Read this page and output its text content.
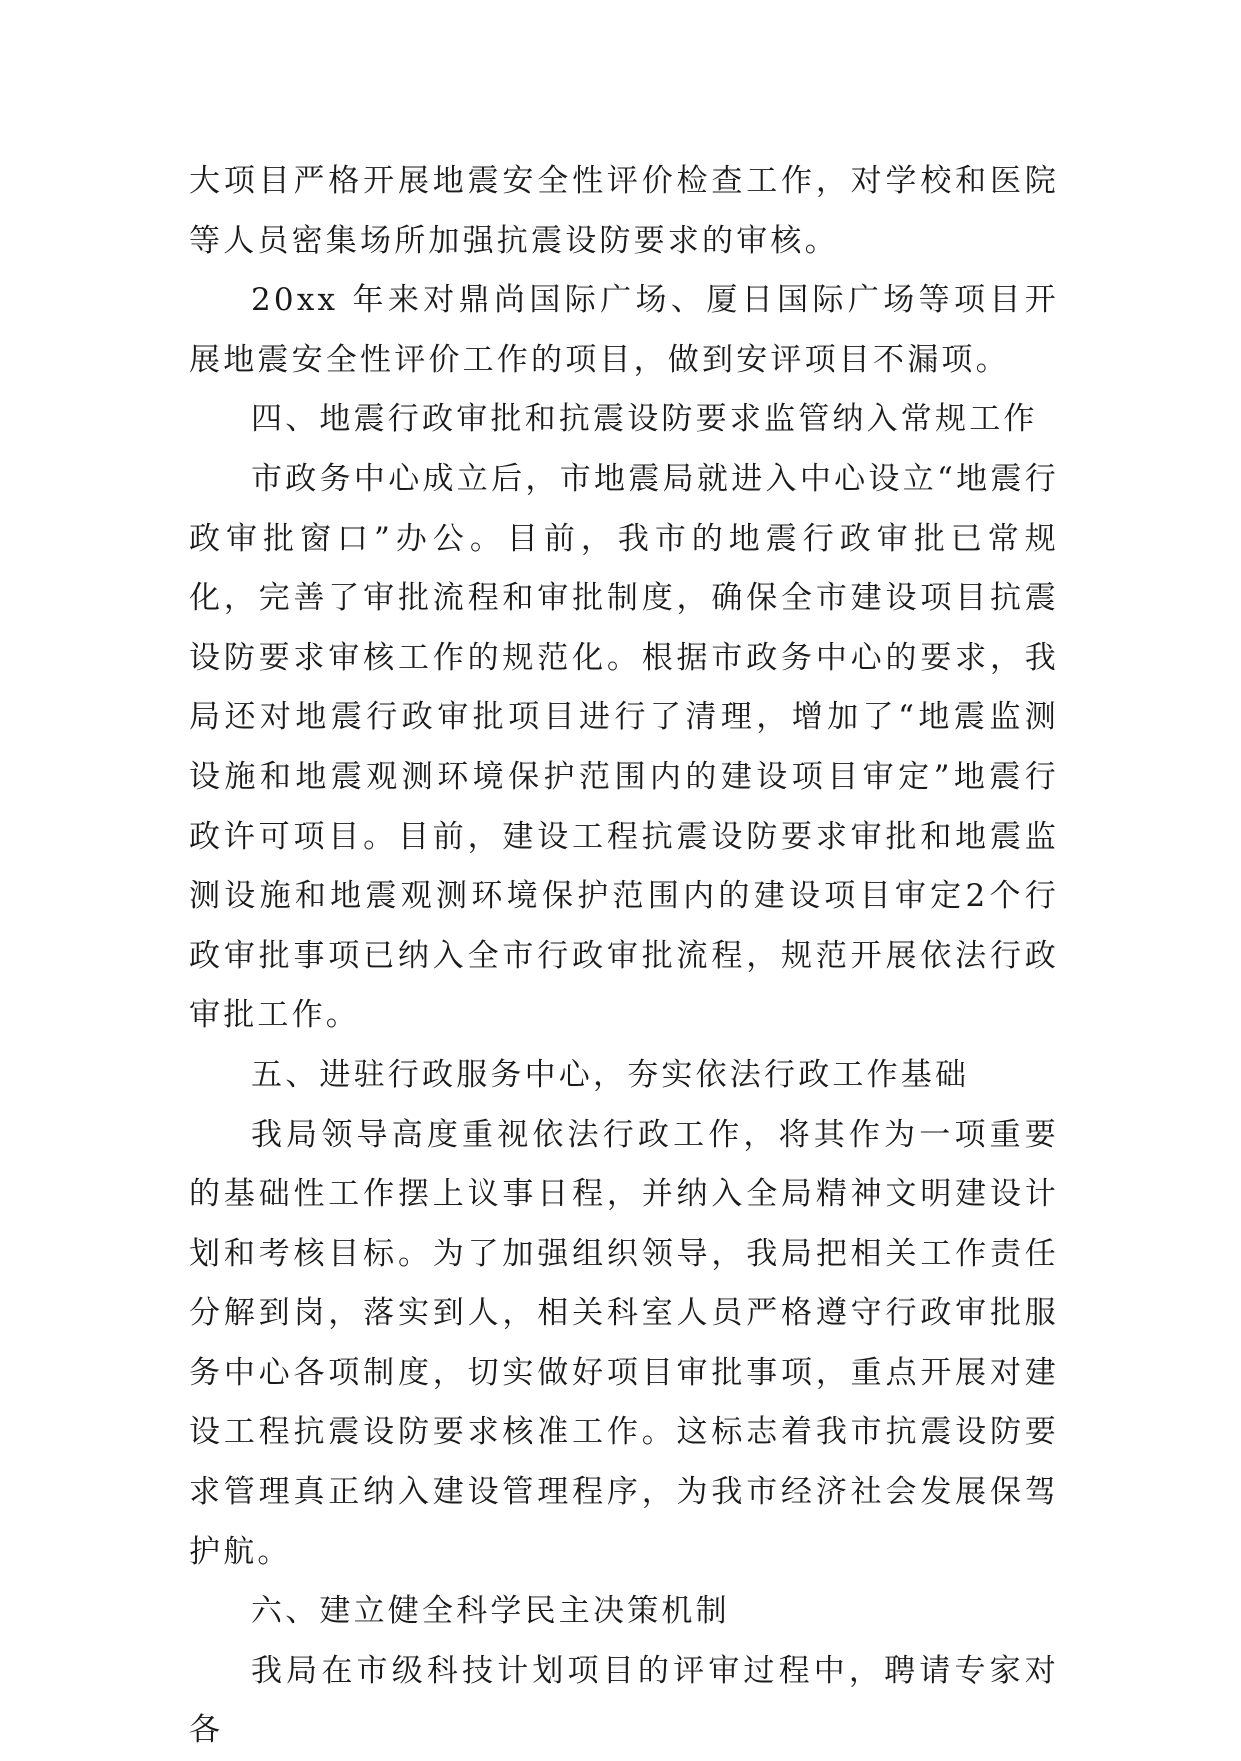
大项目严格开展地震安全性评价检查工作，对学校和医院等人员密集场所加强抗震设防要求的审核。

20xx 年来对鼎尚国际广场、厦日国际广场等项目开展地震安全性评价工作的项目，做到安评项目不漏项。

四、地震行政审批和抗震设防要求监管纳入常规工作

市政务中心成立后，市地震局就进入中心设立“地震行政审批窗口”办公。目前，我市的地震行政审批已常规化，完善了审批流程和审批制度，确保全市建设项目抗震设防要求审核工作的规范化。根据市政务中心的要求，我局还对地震行政审批项目进行了清理，增加了“地震监测设施和地震观测环境保护范围内的建设项目审定”地震行政许可项目。目前，建设工程抗震设防要求审批和地震监测设施和地震观测环境保护范围内的建设项目审定2个行政审批事项已纳入全市行政审批流程，规范开展依法行政审批工作。

五、进驻行政服务中心，夯实依法行政工作基础

我局领导高度重视依法行政工作，将其作为一项重要的基础性工作摆上议事日程，并纳入全局精神文明建设计划和考核目标。为了加强组织领导，我局把相关工作责任分解到岗，落实到人，相关科室人员严格遵守行政审批服务中心各项制度，切实做好项目审批事项，重点开展对建设工程抗震设防要求核准工作。这标志着我市抗震设防要求管理真正纳入建设管理程序，为我市经济社会发展保驾护航。

六、建立健全科学民主决策机制

我局在市级科技计划项目的评审过程中，聘请专家对各
